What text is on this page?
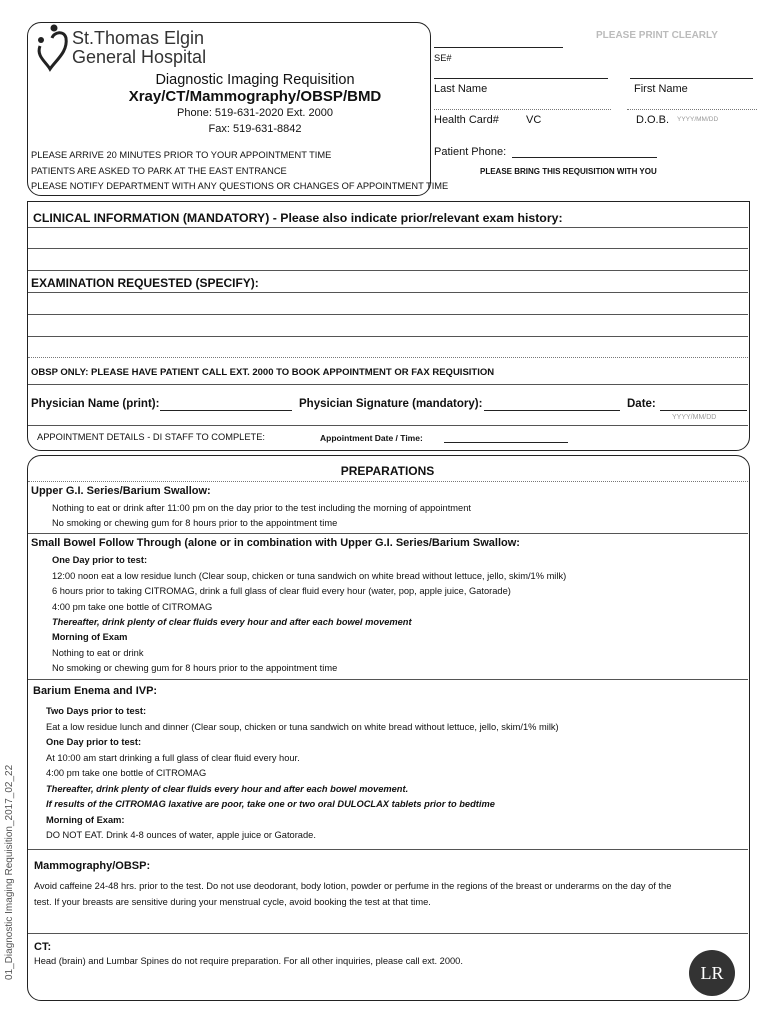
St.Thomas Elgin
General Hospital
Diagnostic Imaging Requisition
Xray/CT/Mammography/OBSP/BMD
Phone: 519-631-2020 Ext. 2000
Fax: 519-631-8842
PLEASE ARRIVE 20 MINUTES PRIOR TO YOUR APPOINTMENT TIME
PATIENTS ARE ASKED TO PARK AT THE EAST ENTRANCE
PLEASE NOTIFY DEPARTMENT WITH ANY QUESTIONS OR CHANGES OF APPOINTMENT TIME
PLEASE PRINT CLEARLY
SE#
Last Name	First Name
Health Card# VC	D.O.B. YYYY/MM/DD
Patient Phone:
PLEASE BRING THIS REQUISITION WITH YOU
CLINICAL INFORMATION (MANDATORY) - Please also indicate prior/relevant exam history:
EXAMINATION REQUESTED (SPECIFY):
OBSP ONLY: PLEASE HAVE PATIENT CALL EXT. 2000 TO BOOK APPOINTMENT OR FAX REQUISITION
Physician Name (print):	Physician Signature (mandatory):	Date:
YYYY/MM/DD
APPOINTMENT DETAILS - DI STAFF TO COMPLETE:	Appointment Date / Time:
PREPARATIONS
Upper G.I. Series/Barium Swallow:
Nothing to eat or drink after 11:00 pm on the day prior to the test including the morning of appointment
No smoking or chewing gum for 8 hours prior to the appointment time
Small Bowel Follow Through (alone or in combination with Upper G.I. Series/Barium Swallow:
One Day prior to test:
12:00 noon eat a low residue lunch (Clear soup, chicken or tuna sandwich on white bread without lettuce, jello, skim/1% milk)
6 hours prior to taking CITROMAG, drink a full glass of clear fluid every hour (water, pop, apple juice, Gatorade)
4:00 pm take one bottle of CITROMAG
Thereafter, drink plenty of clear fluids every hour and after each bowel movement
Morning of Exam
Nothing to eat or drink
No smoking or chewing gum for 8 hours prior to the appointment time
Barium Enema and IVP:
Two Days prior to test:
Eat a low residue lunch and dinner (Clear soup, chicken or tuna sandwich on white bread without lettuce, jello, skim/1% milk)
One Day prior to test:
At 10:00 am start drinking a full glass of clear fluid every hour.
4:00 pm take one bottle of CITROMAG
Thereafter, drink plenty of clear fluids every hour and after each bowel movement.
If results of the CITROMAG laxative are poor, take one or two oral DULOCLAX tablets prior to bedtime
Morning of Exam:
DO NOT EAT. Drink 4-8 ounces of water, apple juice or Gatorade.
Mammography/OBSP:
Avoid caffeine 24-48 hrs. prior to the test. Do not use deodorant, body lotion, powder or perfume in the regions of the breast or underarms on the day of the
test. If your breasts are sensitive during your menstrual cycle, avoid booking the test at that time.
CT:
Head (brain) and Lumbar Spines do not require preparation. For all other inquiries, please call ext. 2000.
01_Diagnostic Imaging Requisition_2017_02_22	LR
